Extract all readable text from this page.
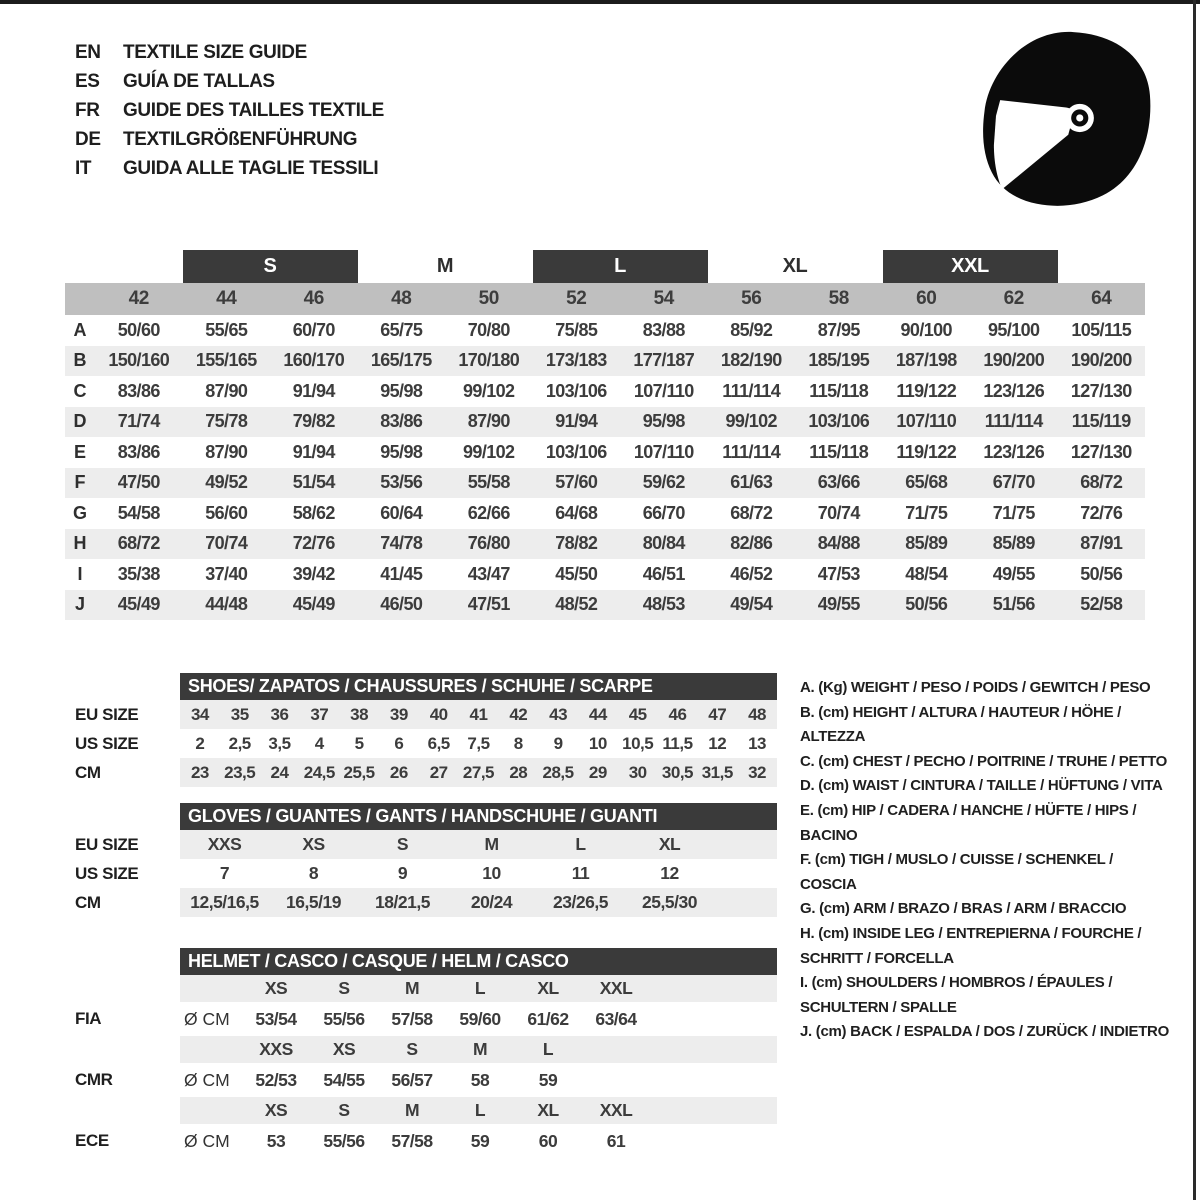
EN	TEXTILE SIZE GUIDE
ES	GUÍA DE TALLAS
FR	GUIDE DES TAILLES TEXTILE
DE	TEXTILGRÖßENFÜHRUNG
IT	GUIDA ALLE TAGLIE TESSILI
S	M	L	XL	XXL
42	44	46	48	50	52	54	56	58	60	62	64
A	50/60	55/65	60/70	65/75	70/80	75/85	83/88	85/92	87/95	90/100	95/100	105/115
B	150/160	155/165	160/170	165/175	170/180	173/183	177/187	182/190	185/195	187/198	190/200	190/200
C	83/86	87/90	91/94	95/98	99/102	103/106	107/110	111/114	115/118	119/122	123/126	127/130
D	71/74	75/78	79/82	83/86	87/90	91/94	95/98	99/102	103/106	107/110	111/114	115/119
E	83/86	87/90	91/94	95/98	99/102	103/106	107/110	111/114	115/118	119/122	123/126	127/130
F	47/50	49/52	51/54	53/56	55/58	57/60	59/62	61/63	63/66	65/68	67/70	68/72
G	54/58	56/60	58/62	60/64	62/66	64/68	66/70	68/72	70/74	71/75	71/75	72/76
H	68/72	70/74	72/76	74/78	76/80	78/82	80/84	82/86	84/88	85/89	85/89	87/91
I	35/38	37/40	39/42	41/45	43/47	45/50	46/51	46/52	47/53	48/54	49/55	50/56
J	45/49	44/48	45/49	46/50	47/51	48/52	48/53	49/54	49/55	50/56	51/56	52/58
SHOES/ ZAPATOS / CHAUSSURES / SCHUHE / SCARPE
EU SIZE	34	35	36	37	38	39	40	41	42	43	44	45	46	47	48
US SIZE	2	2,5	3,5	4	5	6	6,5	7,5	8	9	10 10,5 11,5 12	13
CM	23 23,5 24 24,5 25,5 26	27 27,5 28 28,5 29	30 30,5 31,5 32
GLOVES / GUANTES / GANTS / HANDSCHUHE / GUANTI
EU SIZE	XXS	XS	S	M	L	XL
US SIZE	7	8	9	10	11	12
CM	12,5/16,5	16,5/19	18/21,5	20/24	23/26,5	25,5/30
HELMET / CASCO / CASQUE / HELM / CASCO
XS	S	M	L	XL	XXL
FIA	Ø CM	53/54	55/56	57/58	59/60	61/62	63/64
XXS	XS	S	M	L
CMR	Ø CM	52/53	54/55	56/57	58	59
XS	S	M	L	XL	XXL
ECE	Ø CM	53	55/56	57/58	59	60	61
A. (Kg) WEIGHT / PESO / POIDS / GEWITCH / PESO
B. (cm) HEIGHT / ALTURA / HAUTEUR / HÖHE / ALTEZZA
C. (cm) CHEST / PECHO / POITRINE / TRUHE / PETTO
D. (cm) WAIST / CINTURA / TAILLE / HÜFTUNG / VITA
E. (cm) HIP / CADERA / HANCHE / HÜFTE / HIPS / BACINO
F. (cm) TIGH / MUSLO / CUISSE / SCHENKEL / COSCIA
G. (cm) ARM / BRAZO / BRAS / ARM / BRACCIO
H. (cm) INSIDE LEG / ENTREPIERNA / FOURCHE / SCHRITT / FORCELLA
I. (cm) SHOULDERS / HOMBROS / ÉPAULES / SCHULTERN / SPALLE
J. (cm) BACK / ESPALDA / DOS / ZURÜCK / INDIETRO
